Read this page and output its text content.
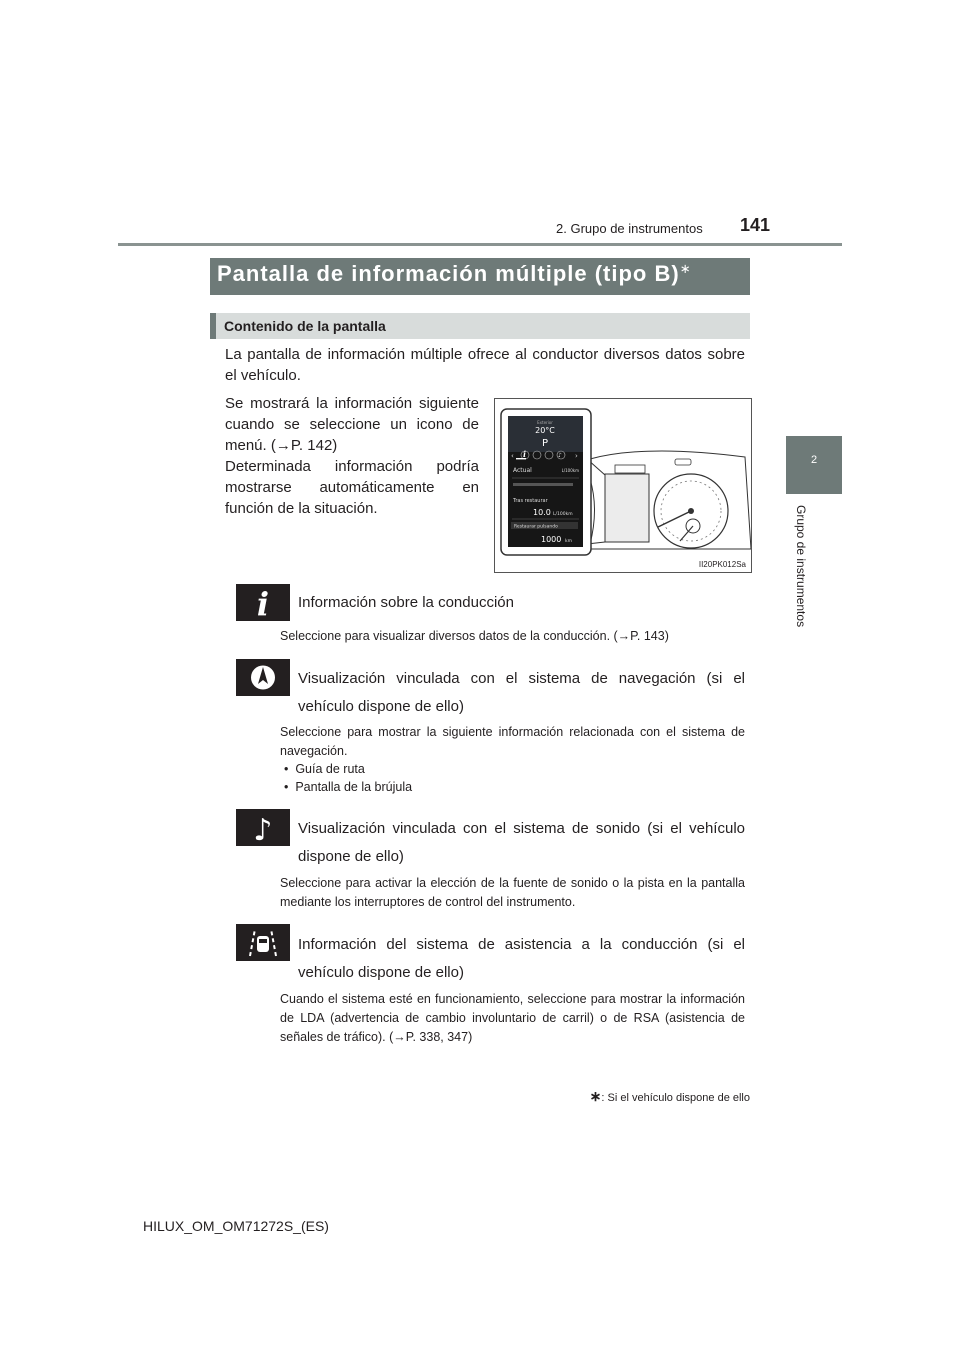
2. Grupo de instrumentos 141
2
Grupo de instrumentos
Pantalla de información múltiple (tipo B)∗
Contenido de la pantalla
La pantalla de información múltiple ofrece al conductor diversos datos sobre el vehículo.
Se mostrará la información siguiente cuando se seleccione un icono de menú. (→P. 142)
Determinada información podría mostrarse automáticamente en función de la situación.
‹	›
i	♪
Exterior
20°C
P
Actual	L/100km
Tras restaurar
10.0 L/100km
Restaurar pulsando
1000 km
II20PK012Sa
i Información sobre la conducción
Seleccione para visualizar diversos datos de la conducción. (→P. 143)
Visualización vinculada con el sistema de navegación (si el vehículo dispone de ello)
Seleccione para mostrar la siguiente información relacionada con el sistema de navegación.
•  Guía de ruta
•  Pantalla de la brújula
♪ Visualización vinculada con el sistema de sonido (si el vehículo dispone de ello)
Seleccione para activar la elección de la fuente de sonido o la pista en la pantalla mediante los interruptores de control del instrumento.
Información del sistema de asistencia a la conducción (si el vehículo dispone de ello)
Cuando el sistema esté en funcionamiento, seleccione para mostrar la información de LDA (advertencia de cambio involuntario de carril) o de RSA (asistencia de señales de tráfico). (→P. 338, 347)
∗: Si el vehículo dispone de ello
HILUX_OM_OM71272S_(ES)
